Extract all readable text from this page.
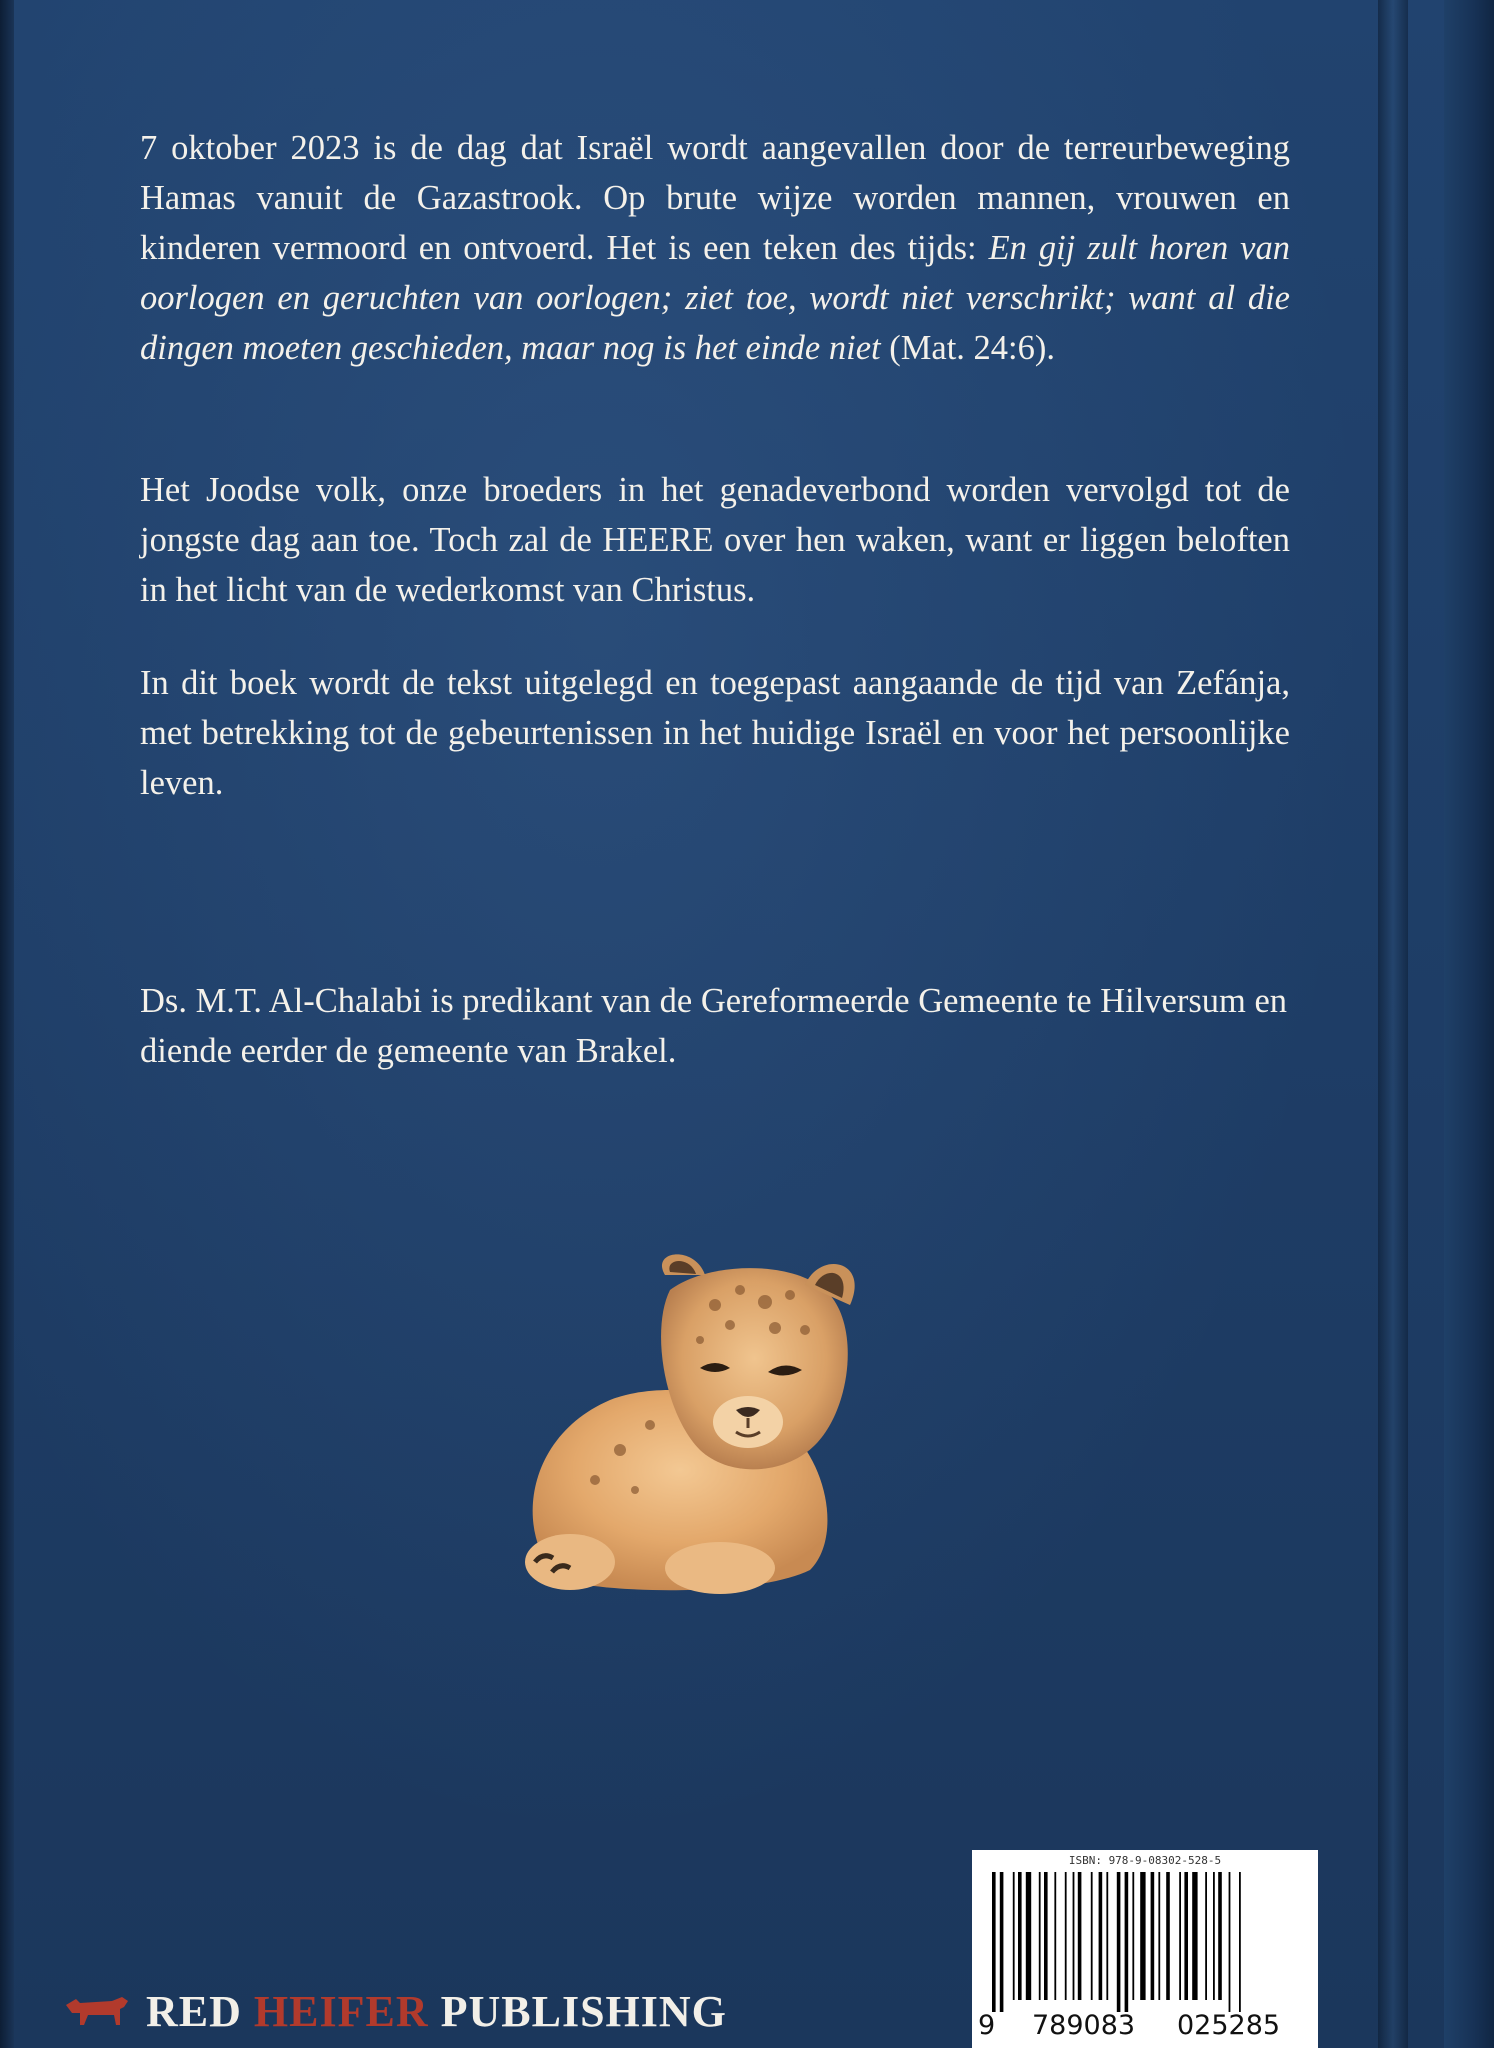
7 oktober 2023 is de dag dat Israël wordt aangevallen door de terreurbeweging Hamas vanuit de Gazastrook. Op brute wijze worden mannen, vrouwen en kinderen vermoord en ontvoerd. Het is een teken des tijds: En gij zult horen van oorlogen en geruchten van oorlogen; ziet toe, wordt niet verschrikt; want al die dingen moeten geschieden, maar nog is het einde niet (Mat. 24:6).

Het Joodse volk, onze broeders in het genadeverbond worden vervolgd tot de jongste dag aan toe. Toch zal de HEERE over hen waken, want er liggen beloften in het licht van de wederkomst van Christus.

In dit boek wordt de tekst uitgelegd en toegepast aangaande de tijd van Zefánja, met betrekking tot de gebeurtenissen in het huidige Israël en voor het persoonlijke leven.

Ds. M.T. Al-Chalabi is predikant van de Gereformeerde Gemeente te Hilversum en diende eerder de gemeente van Brakel.

RED HEIFER PUBLISHING
ISBN: 978-9-08302-528-5
9 789083 025285
